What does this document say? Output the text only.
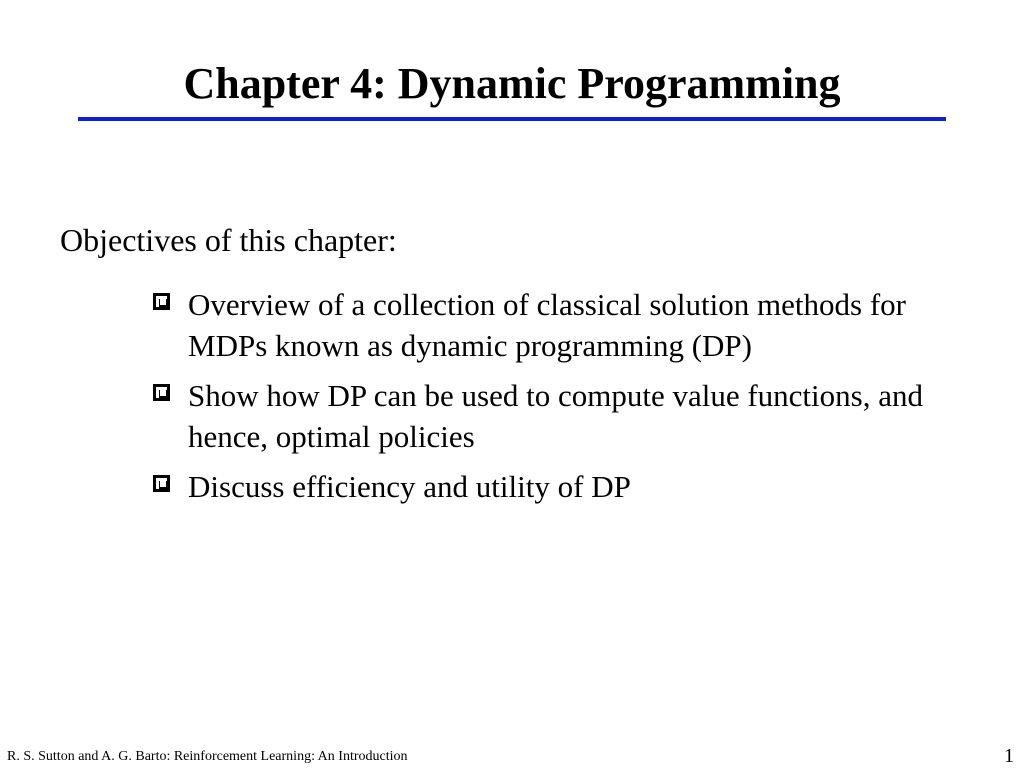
Chapter 4: Dynamic Programming

Objectives of this chapter:

Overview of a collection of classical solution methods for MDPs known as dynamic programming (DP)
Show how DP can be used to compute value functions, and hence, optimal policies
Discuss efficiency and utility of DP

R. S. Sutton and A. G. Barto: Reinforcement Learning: An Introduction	1
